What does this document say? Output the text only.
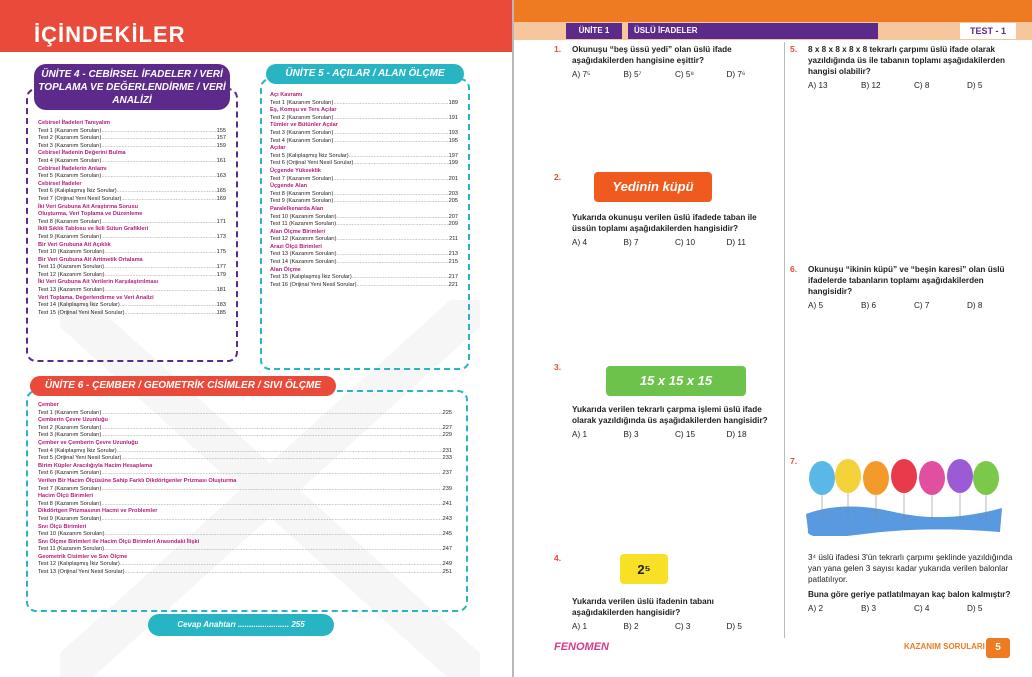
İÇİNDEKİLER
ÜNİTE 4 - CEBİRSEL İFADELER / VERİ TOPLAMA VE DEĞERLENDİRME / VERİ ANALİZİ
Cebirsel İfadeleri Tanıyalım
Test 1 (Kazanım Soruları) .....	155
Test 2 (Kazanım Soruları) .....	157
Test 3 (Kazanım Soruları) .....	159
Cebirsel İfadenin Değerini Bulma
Test 4 (Kazanım Soruları) .....	161
Cebirsel İfadelerin Anlamı
Test 5 (Kazanım Soruları) .....	163
Cebirsel İfadeler
Test 6 (Kalıplaşmış İkiz Sorular) .....	165
Test 7 (Orijinal Yeni Nesil Sorular) .....	169
İki Veri Grubuna Ait Araştırma Sorusu
Oluşturma, Veri Toplama ve Düzenleme
Test 8 (Kazanım Soruları) .....	171
İkili Sıklık Tablosu ve İkili Sütun Grafikleri
Test 9 (Kazanım Soruları) .....	173
Bir Veri Grubuna Ait Açıklık
Test 10 (Kazanım Soruları) .....	175
Bir Veri Grubuna Ait Aritmetik Ortalama
Test 11 (Kazanım Soruları) .....	177
Test 12 (Kazanım Soruları) .....	179
İki Veri Grubuna Ait Verilerin Karşılaştırılması
Test 13 (Kazanım Soruları) .....	181
Veri Toplama, Değerlendirme ve Veri Analizi
Test 14 (Kalıplaşmış İkiz Sorular) .....	183
Test 15 (Orijinal Yeni Nesil Sorular) .....	185
ÜNİTE 5 - AÇILAR / ALAN ÖLÇME
Açı Kavramı
Test 1 (Kazanım Soruları) .....	189
Eş, Komşu ve Ters Açılar
Test 2 (Kazanım Soruları) .....	191
Tümler ve Bütünler Açılar
Test 3 (Kazanım Soruları) .....	193
Test 4 (Kazanım Soruları) .....	195
Açılar
Test 5 (Kalıplaşmış İkiz Sorular) .....	197
Test 6 (Orijinal Yeni Nesil Sorular) .....	199
Üçgende Yükseklik
Test 7 (Kazanım Soruları) .....	201
Üçgende Alan
Test 8 (Kazanım Soruları) .....	203
Test 9 (Kazanım Soruları) .....	205
Paralelkenarda Alan
Test 10 (Kazanım Soruları) .....	207
Test 11 (Kazanım Soruları) .....	209
Alan Ölçme Birimleri
Test 12 (Kazanım Soruları) .....	211
Arazi Ölçü Birimleri
Test 13 (Kazanım Soruları) .....	213
Test 14 (Kazanım Soruları) .....	215
Alan Ölçme
Test 15 (Kalıplaşmış İkiz Sorular) .....	217
Test 16 (Orijinal Yeni Nesil Sorular) .....	221
ÜNİTE 6 - ÇEMBER / GEOMETRİK CİSİMLER / SIVI ÖLÇME
Çember
Test 1 (Kazanım Soruları) .....	225
Çemberin Çevre Uzunluğu
Test 2 (Kazanım Soruları) .....	227
Test 3 (Kazanım Soruları) .....	229
Çember ve Çemberin Çevre Uzunluğu
Test 4 (Kalıplaşmış İkiz Sorular) .....	231
Test 5 (Orijinal Yeni Nesil Sorular) .....	233
Birim Küpler Aracılığıyla Hacim Hesaplama
Test 6 (Kazanım Soruları) .....	237
Verilen Bir Hacim Ölçüsüne Sahip Farklı Dikdörtgenler Prizması Oluşturma
Test 7 (Kazanım Soruları) .....	239
Hacim Ölçü Birimleri
Test 8 (Kazanım Soruları) .....	241
Dikdörtgen Prizmasının Hacmi ve Problemler
Test 9 (Kazanım Soruları) .....	243
Sıvı Ölçü Birimleri
Test 10 (Kazanım Soruları) .....	245
Sıvı Ölçme Birimleri ile Hacim Ölçü Birimleri Arasındaki İlişki
Test 11 (Kazanım Soruları) .....	247
Geometrik Cisimler ve Sıvı Ölçme
Test 12 (Kalıplaşmış İkiz Sorular) .....	249
Test 13 (Orijinal Yeni Nesil Sorular) .....	251
Cevap Anahtarı ....................... 255
ÜNİTE 1	ÜSLÜ İFADELER	TEST - 1
1. Okunuşu “beş üssü yedi” olan üslü ifade aşağıdakilerden hangisine eşittir?
A) 7⁵	B) 5⁷	C) 5⁸	D) 7⁶
2.
Yedinin küpü
Yukarıda okunuşu verilen üslü ifadede taban ile üssün toplamı aşağıdakilerden hangisidir?
A) 4	B) 7	C) 10	D) 11
3.
15 x 15 x 15
Yukarıda verilen tekrarlı çarpma işlemi üslü ifade olarak yazıldığında üs aşağıdakilerden hangisidir?
A) 1	B) 3	C) 15	D) 18
4.
2⁵
Yukarıda verilen üslü ifadenin tabanı aşağıdakilerden hangisidir?
A) 1	B) 2	C) 3	D) 5
5. 8 x 8 x 8 x 8 x 8 tekrarlı çarpımı üslü ifade olarak yazıldığında üs ile tabanın toplamı aşağıdakilerden hangisi olabilir?
A) 13	B) 12	C) 8	D) 5
6. Okunuşu “ikinin küpü” ve “beşin karesi” olan üslü ifadelerde tabanların toplamı aşağıdakilerden hangisidir?
A) 5	B) 6	C) 7	D) 8
7.
3⁴ üslü ifadesi 3'ün tekrarlı çarpımı şeklinde yazıldığında yan yana gelen 3 sayısı kadar yukarıda verilen balonlar patlatılıyor.
Buna göre geriye patlatılmayan kaç balon kalmıştır?
A) 2	B) 3	C) 4	D) 5
FENOMEN	KAZANIM SORULARI	5
